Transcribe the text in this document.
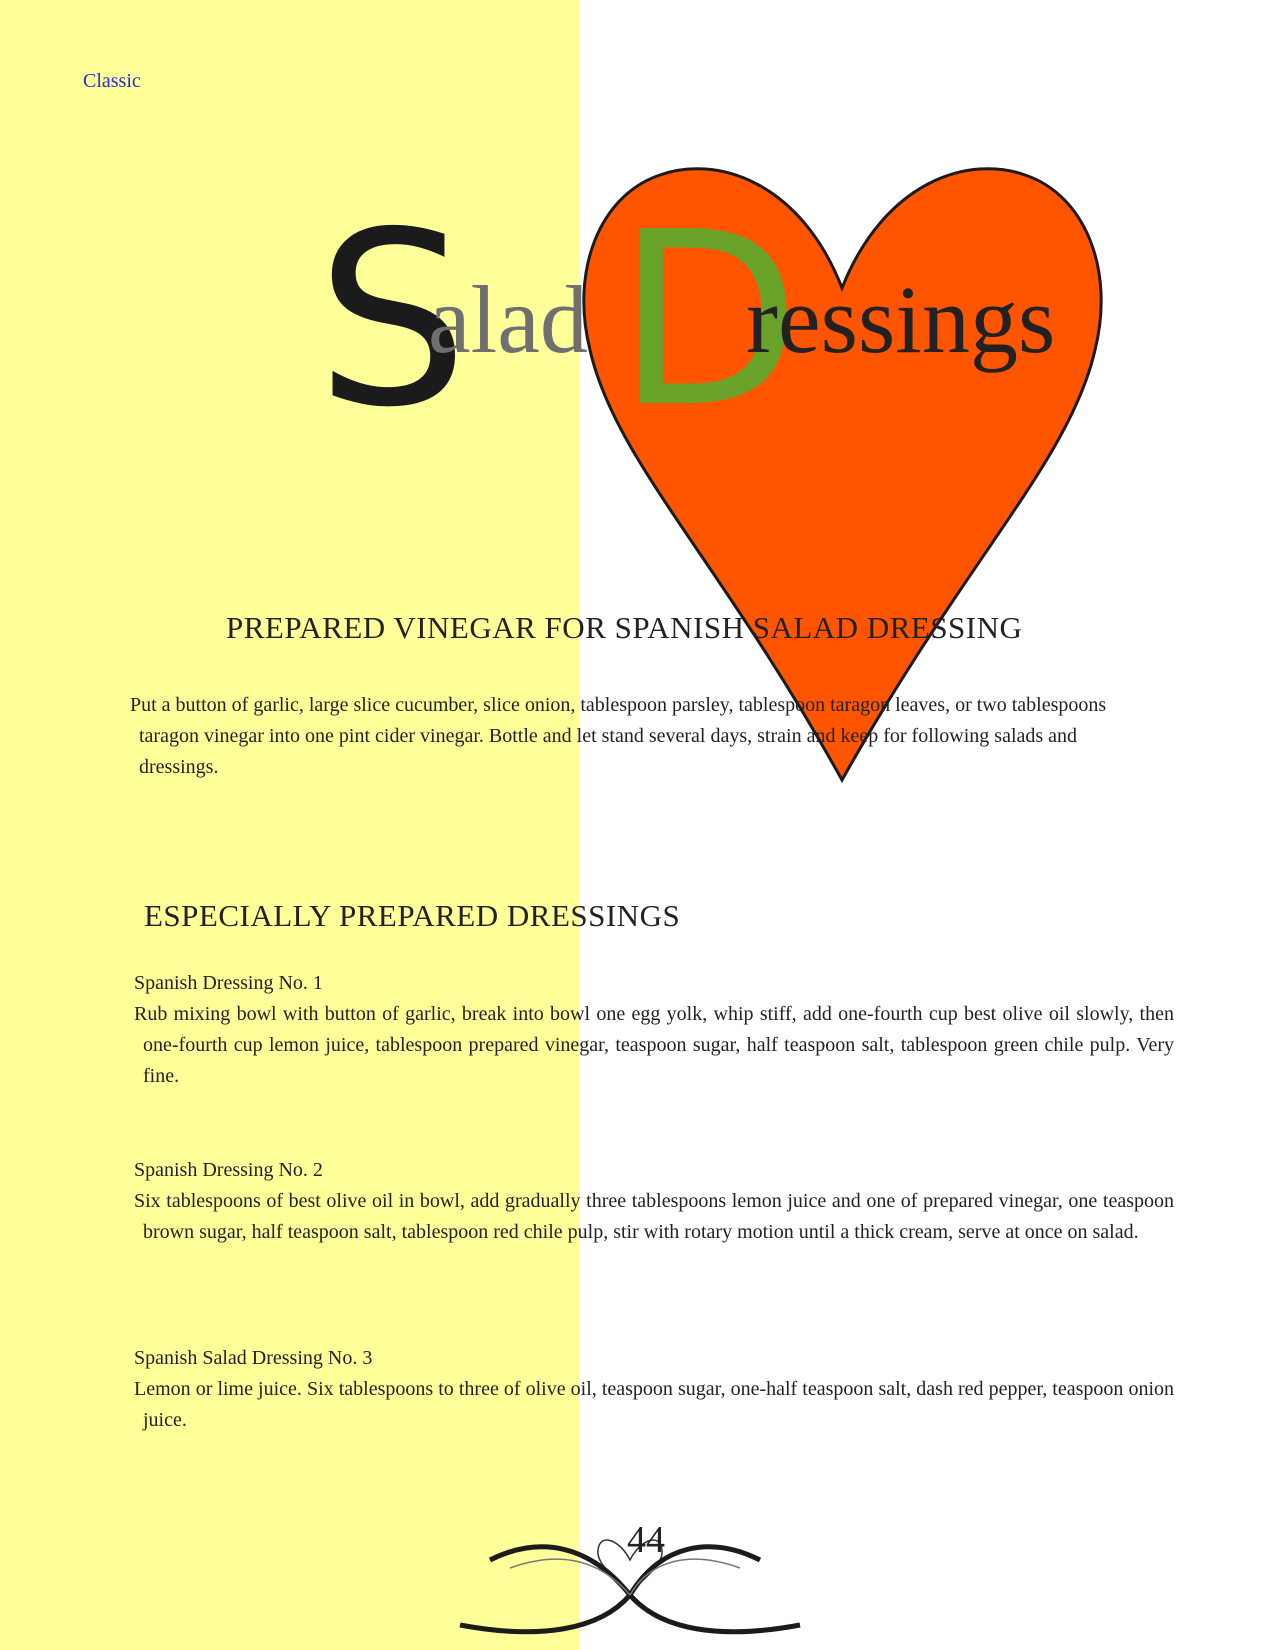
Classic
S
alad D
ressings
PREPARED VINEGAR FOR SPANISH SALAD DRESSING

Put a button of garlic, large slice cucumber, slice onion, tablespoon parsley, tablespoon taragon leaves, or two tablespoons taragon vinegar into one pint cider vinegar. Bottle and let stand several days, strain and keep for following salads and dressings.

ESPECIALLY PREPARED DRESSINGS

Spanish Dressing No. 1

Rub mixing bowl with button of garlic, break into bowl one egg yolk, whip stiff, add one-fourth cup best olive oil slowly, then one-fourth cup lemon juice, tablespoon prepared vinegar, teaspoon sugar, half teaspoon salt, tablespoon green chile pulp. Very fine.

Spanish Dressing No. 2

Six tablespoons of best olive oil in bowl, add gradually three tablespoons lemon juice and one of prepared vinegar, one teaspoon brown sugar, half teaspoon salt, tablespoon red chile pulp, stir with rotary motion until a thick cream, serve at once on salad.

Spanish Salad Dressing No. 3

Lemon or lime juice. Six tablespoons to three of olive oil, teaspoon sugar, one-half teaspoon salt, dash red pepper, teaspoon onion juice.

44
